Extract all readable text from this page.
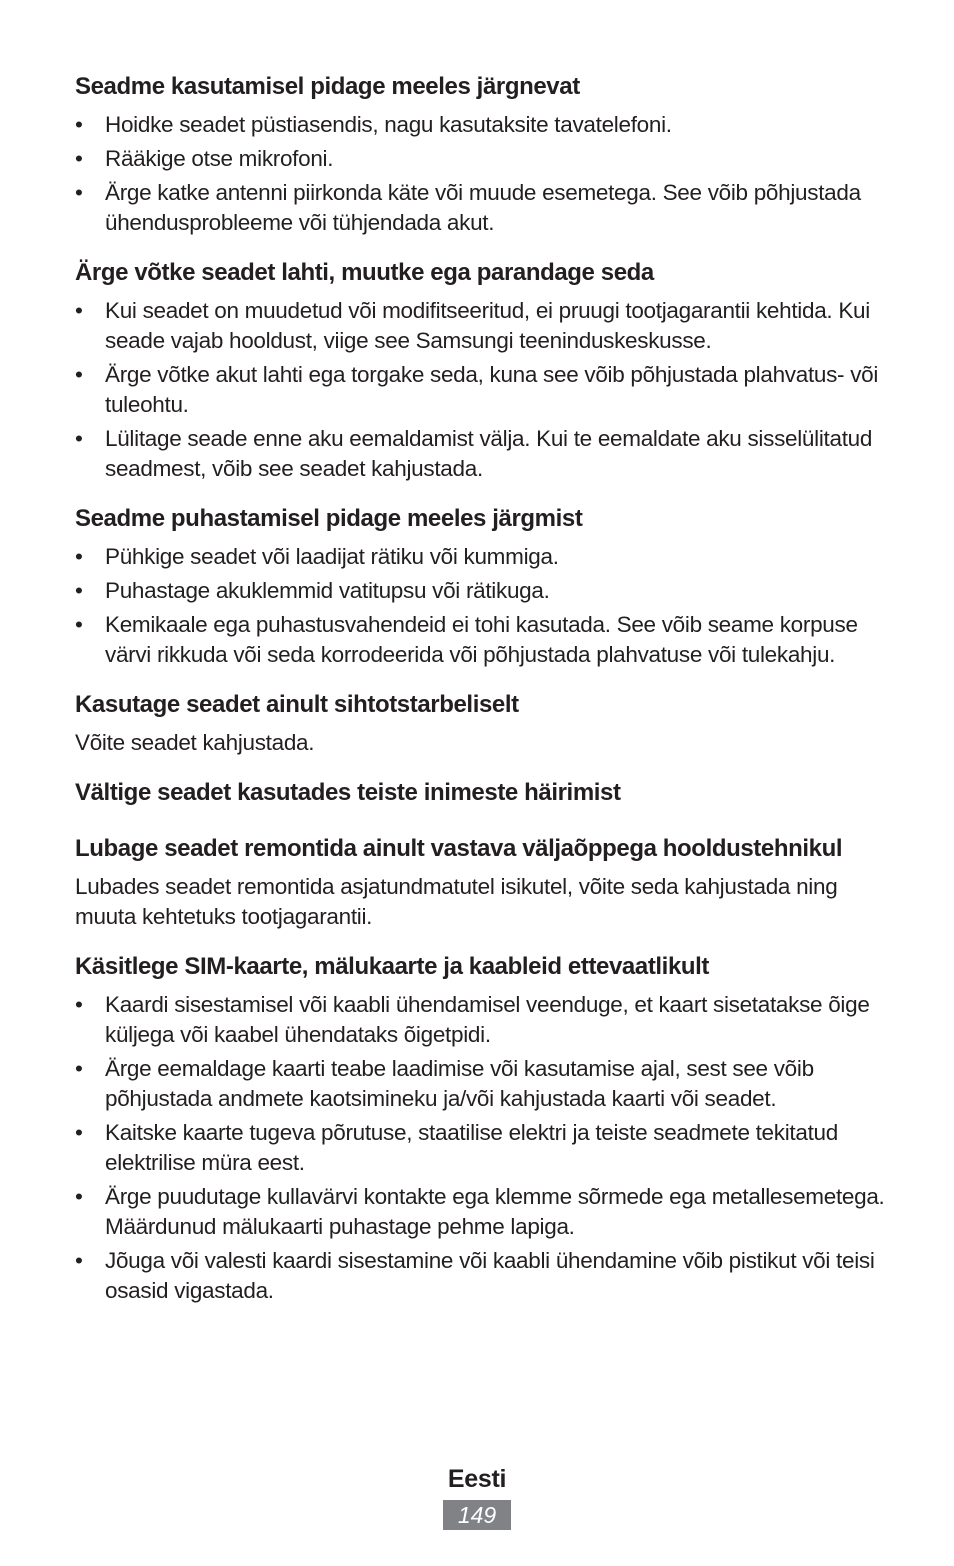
Seadme kasutamisel pidage meeles järgnevat
• Hoidke seadet püstiasendis, nagu kasutaksite tavatelefoni.
• Rääkige otse mikrofoni.
• Ärge katke antenni piirkonda käte või muude esemetega. See võib põhjustada ühendusprobleeme või tühjendada akut.
Ärge võtke seadet lahti, muutke ega parandage seda
• Kui seadet on muudetud või modifitseeritud, ei pruugi tootjagarantii kehtida. Kui seade vajab hooldust, viige see Samsungi teeninduskeskusse.
• Ärge võtke akut lahti ega torgake seda, kuna see võib põhjustada plahvatus- või tuleohtu.
• Lülitage seade enne aku eemaldamist välja. Kui te eemaldate aku sisselülitatud seadmest, võib see seadet kahjustada.
Seadme puhastamisel pidage meeles järgmist
• Pühkige seadet või laadijat rätiku või kummiga.
• Puhastage akuklemmid vatitupsu või rätikuga.
• Kemikaale ega puhastusvahendeid ei tohi kasutada. See võib seame korpuse värvi rikkuda või seda korrodeerida või põhjustada plahvatuse või tulekahju.
Kasutage seadet ainult sihtotstarbeliselt

Võite seadet kahjustada.

Vältige seadet kasutades teiste inimeste häirimist
Lubage seadet remontida ainult vastava väljaõppega hooldustehnikul

Lubades seadet remontida asjatundmatutel isikutel, võite seda kahjustada ning muuta kehtetuks tootjagarantii.

Käsitlege SIM-kaarte, mälukaarte ja kaableid ettevaatlikult
• Kaardi sisestamisel või kaabli ühendamisel veenduge, et kaart sisetatakse õige küljega või kaabel ühendataks õigetpidi.
• Ärge eemaldage kaarti teabe laadimise või kasutamise ajal, sest see võib põhjustada andmete kaotsimineku ja/või kahjustada kaarti või seadet.
• Kaitske kaarte tugeva põrutuse, staatilise elektri ja teiste seadmete tekitatud elektrilise müra eest.
• Ärge puudutage kullavärvi kontakte ega klemme sõrmede ega metallesemetega. Määrdunud mälukaarti puhastage pehme lapiga.
• Jõuga või valesti kaardi sisestamine või kaabli ühendamine võib pistikut või teisi osasid vigastada.
Eesti
149
